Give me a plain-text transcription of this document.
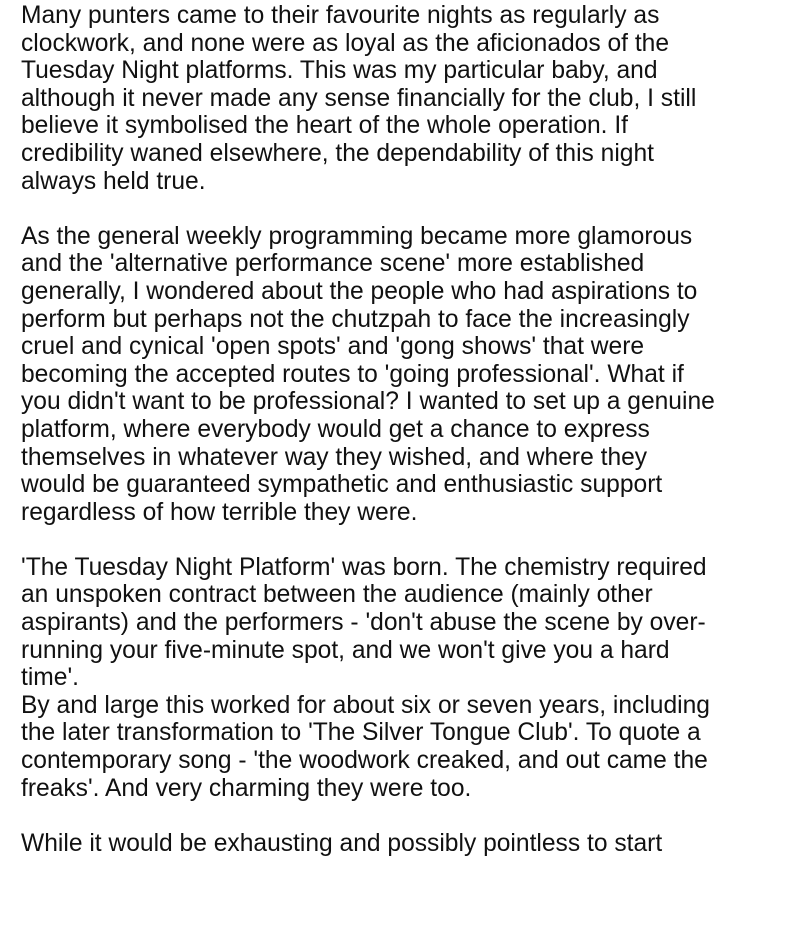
Many punters came to their favourite nights as regularly as
clockwork, and none were as loyal as the aficionados of the
Tuesday Night platforms. This was my particular baby, and
although it never made any sense financially for the club, I still
believe it symbolised the heart of the whole operation. If
credibility waned elsewhere, the dependability of this night
always held true.

As the general weekly programming became more glamorous
and the 'alternative performance scene' more established
generally, I wondered about the people who had aspirations to
perform but perhaps not the chutzpah to face the increasingly
cruel and cynical 'open spots' and 'gong shows' that were
becoming the accepted routes to 'going professional'. What if
you didn't want to be professional? I wanted to set up a genuine
platform, where everybody would get a chance to express
themselves in whatever way they wished, and where they
would be guaranteed sympathetic and enthusiastic support
regardless of how terrible they were.

'The Tuesday Night Platform' was born. The chemistry required
an unspoken contract between the audience (mainly other
aspirants) and the performers - 'don't abuse the scene by over-
running your five-minute spot, and we won't give you a hard
time'.

By and large this worked for about six or seven years, including
the later transformation to 'The Silver Tongue Club'. To quote a
contemporary song - 'the woodwork creaked, and out came the
freaks'. And very charming they were too.

While it would be exhausting and possibly pointless to start
